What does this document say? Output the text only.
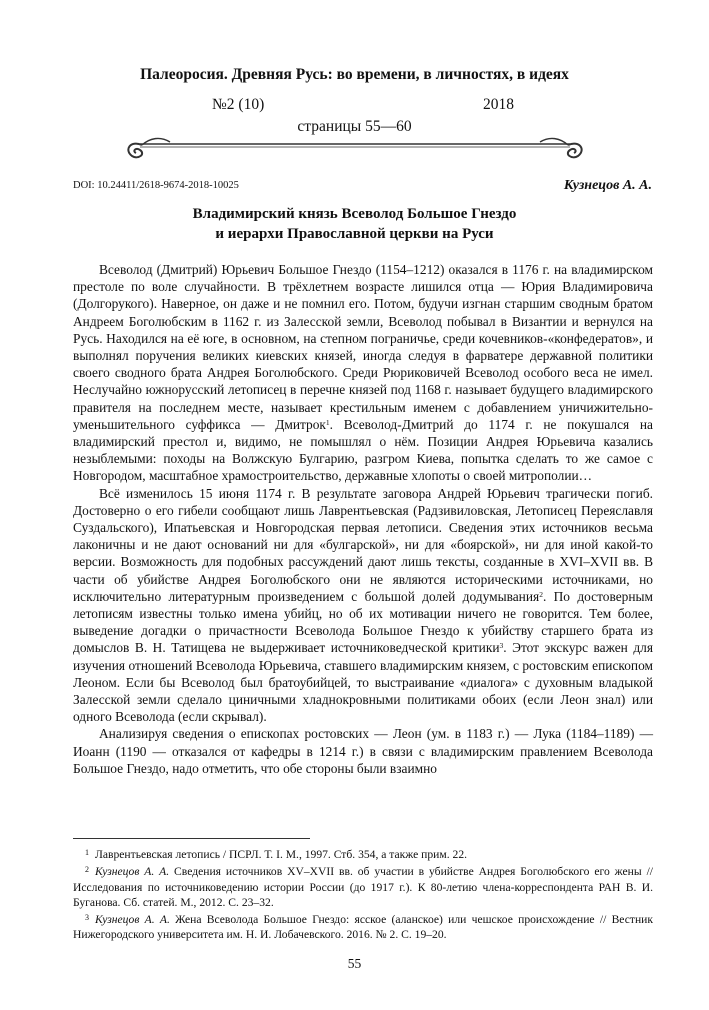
Палеоросия. Древняя Русь: во времени, в личностях, в идеях
№2 (10)	2018
страницы 55—60
DOI: 10.24411/2618-9674-2018-10025	Кузнецов А. А.
Владимирский князь Всеволод Большое Гнездо
и иерархи Православной церкви на Руси

Всеволод (Дмитрий) Юрьевич Большое Гнездо (1154–1212) оказался в 1176 г. на владимирском престоле по воле случайности. В трёхлетнем возрасте лишился отца — Юрия Владимировича (Долгорукого). Наверное, он даже и не помнил его. Потом, будучи изгнан старшим сводным братом Андреем Боголюбским в 1162 г. из Залесской земли, Всеволод побывал в Византии и вернулся на Русь. Находился на её юге, в основном, на степном пограничье, среди кочевников-«конфедератов», и выполнял поручения великих киевских князей, иногда следуя в фарватере державной политики своего сводного брата Андрея Боголюбского. Среди Рюриковичей Всеволод особого веса не имел. Неслучайно южнорусский летописец в перечне князей под 1168 г. называет будущего владимирского правителя на последнем месте, называет крестильным именем с добавлением уничижительно-уменьшительного суффикса — Дмитрок$^1$. Всеволод-Дмитрий до 1174 г. не покушался на владимирский престол и, видимо, не помышлял о нём. Позиции Андрея Юрьевича казались незыблемыми: походы на Волжскую Булгарию, разгром Киева, попытка сделать то же самое с Новгородом, масштабное храмостроительство, державные хлопоты о своей митрополии…

Всё изменилось 15 июня 1174 г. В результате заговора Андрей Юрьевич трагически погиб. Достоверно о его гибели сообщают лишь Лаврентьевская (Радзивиловская, Летописец Переяславля Суздальского), Ипатьевская и Новгородская первая летописи. Сведения этих источников весьма лаконичны и не дают оснований ни для «булгарской», ни для «боярской», ни для иной какой-то версии. Возможность для подобных рассуждений дают лишь тексты, созданные в XVI–XVII вв. В части об убийстве Андрея Боголюбского они не являются историческими источниками, но исключительно литературным произведением с большой долей додумывания$^2$. По достоверным летописям известны только имена убийц, но об их мотивации ничего не говорится. Тем более, выведение догадки о причастности Всеволода Большое Гнездо к убийству старшего брата из домыслов В. Н. Татищева не выдерживает источниковедческой критики$^3$. Этот экскурс важен для изучения отношений Всеволода Юрьевича, ставшего владимирским князем, с ростовским епископом Леоном. Если бы Всеволод был братоубийцей, то выстраивание «диалога» с духовным владыкой Залесской земли сделало циничными хладнокровными политиками обоих (если Леон знал) или одного Всеволода (если скрывал).

Анализируя сведения о епископах ростовских — Леон (ум. в 1183 г.) — Лука (1184–1189) — Иоанн (1190 — отказался от кафедры в 1214 г.) в связи с владимирским правлением Всеволода Большое Гнездо, надо отметить, что обе стороны были взаимно

$^1$ Лаврентьевская летопись / ПСРЛ. Т. I. М., 1997. Стб. 354, а также прим. 22.

$^2$ Кузнецов А. А. Сведения источников XV–XVII вв. об участии в убийстве Андрея Боголюбского его жены // Исследования по источниковедению истории России (до 1917 г.). К 80-летию члена-корреспондента РАН В. И. Буганова. Сб. статей. М., 2012. С. 23–32.

$^3$ Кузнецов А. А. Жена Всеволода Большое Гнездо: ясское (аланское) или чешское происхождение // Вестник Нижегородского университета им. Н. И. Лобачевского. 2016. № 2. С. 19–20.

55
